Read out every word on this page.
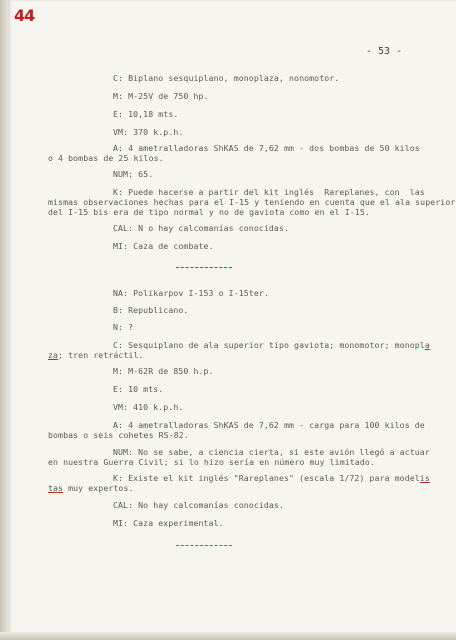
44
- 53 -
C: Biplano sesquiplano, monoplaza, nonomotor.
M: M-25V de 750 hp.
E: 10,18 mts.
VM: 370 k.p.h.
A: 4 ametralladoras ShKAS de 7,62 mm - dos bombas de 50 kilos
o 4 bombas de 25 kilos.
NUM: 65.
K: Puede hacerse a partir del kit inglés  Rareplanes, con  las
mismas observaciones hechas para el I-15 y teniendo en cuenta que el ala superior
del I-15 bis era de tipo normal y no de gaviota como en el I-15.
CAL: N o hay calcomanías conocidas.
MI: Caza de combate.
NA: Polikarpov I-153 o I-15ter.
B: Republicano.
N: ?
C: Sesquiplano de ala superior tipo gaviota; monomotor; monopla
za; tren retráctil.
M: M-62R de 850 h.p.
E: 10 mts.
VM: 410 k.p.h.
A: 4 ametralladoras ShKAS de 7,62 mm - carga para 100 kilos de
bombas o seis cohetes RS-82.
NUM: No se sabe, a ciencia cierta, si este avión llegó a actuar
en nuestra Guerra Civil; si lo hizo sería en número muy limitado.
K: Existe el kit inglés "Rareplanes" (escala 1/72) para modelis
tas muy expertos.
CAL: No hay calcomanías conocidas.
MI: Caza experimental.
